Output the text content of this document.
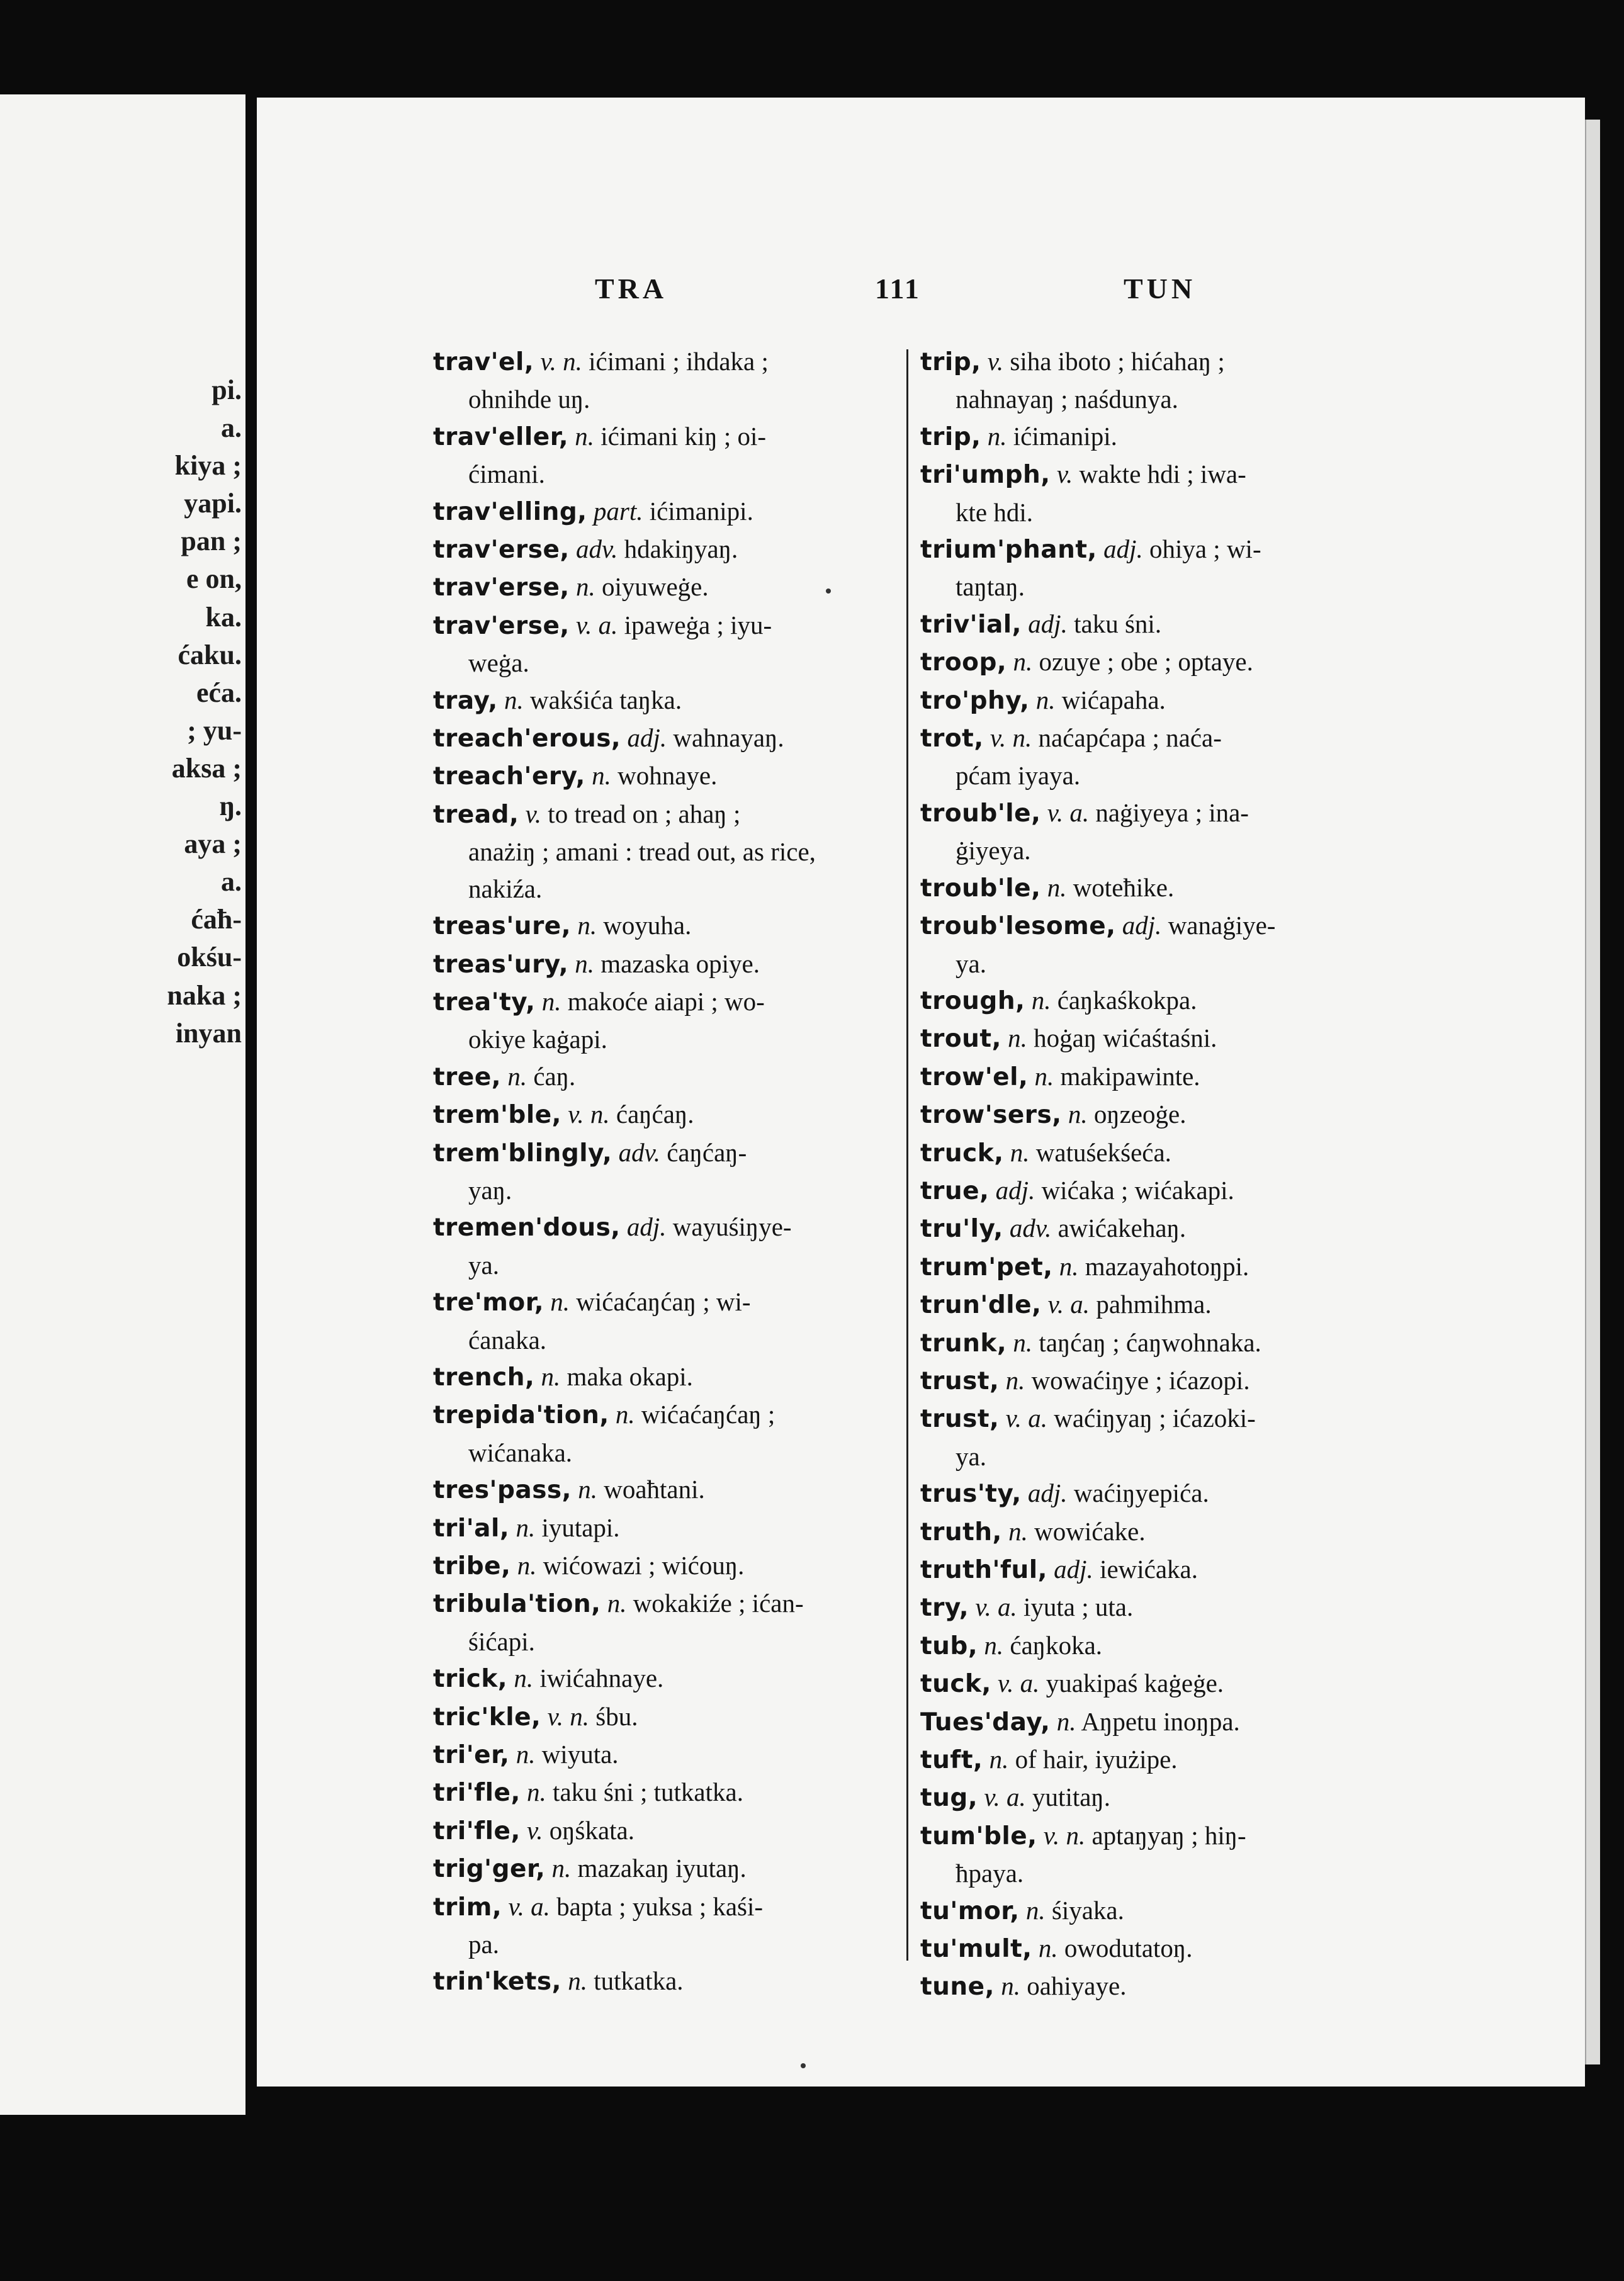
pi.
a.
kiya ;
yapi.
pan ;
e on,
ka.
ćaku.
eća.
; yu-
aksa ;
ŋ.
aya ;
a.
ćaħ-
okśu-
naka ;
inyan
TRA	111	TUN
trav'el, v. n. ićimani ; ihdaka ;
ohnihde uŋ.
trav'eller, n. ićimani kiŋ ; oi-
ćimani.
trav'elling, part. ićimanipi.
trav'erse, adv. hdakiŋyaŋ.
trav'erse, n. oiyuweġe.
trav'erse, v. a. ipaweġa ; iyu-
weġa.
tray, n. wakśića taŋka.
treach'erous, adj. wahnayaŋ.
treach'ery, n. wohnaye.
tread, v. to tread on ; ahaŋ ;
anażiŋ ; amani : tread out, as rice, nakiźa.
treas'ure, n. woyuha.
treas'ury, n. mazaska opiye.
trea'ty, n. makoće aiapi ; wo-
okiye kaġapi.
tree, n. ćaŋ.
trem'ble, v. n. ćaŋćaŋ.
trem'blingly, adv. ćaŋćaŋ-
yaŋ.
tremen'dous, adj. wayuśiŋye-
ya.
tre'mor, n. wićaćaŋćaŋ ; wi-
ćanaka.
trench, n. maka okapi.
trepida'tion, n. wićaćaŋćaŋ ;
wićanaka.
tres'pass, n. woaħtani.
tri'al, n. iyutapi.
tribe, n. wićowazi ; wićouŋ.
tribula'tion, n. wokakiźe ; ićan-
śićapi.
trick, n. iwićahnaye.
tric'kle, v. n. śbu.
tri'er, n. wiyuta.
tri'fle, n. taku śni ; tutkatka.
tri'fle, v. oŋśkata.
trig'ger, n. mazakaŋ iyutaŋ.
trim, v. a. bapta ; yuksa ; kaśi-
pa.
trin'kets, n. tutkatka.
trip, v. siha iboto ; hićahaŋ ;
nahnayaŋ ; naśdunya.
trip, n. ićimanipi.
tri'umph, v. wakte hdi ; iwa-
kte hdi.
trium'phant, adj. ohiya ; wi-
taŋtaŋ.
triv'ial, adj. taku śni.
troop, n. ozuye ; obe ; optaye.
tro'phy, n. wićapaha.
trot, v. n. naćapćapa ; naća-
pćam iyaya.
troub'le, v. a. naġiyeya ; ina-
ġiyeya.
troub'le, n. woteħike.
troub'lesome, adj. wanaġiye-
ya.
trough, n. ćaŋkaśkokpa.
trout, n. hoġaŋ wićaśtaśni.
trow'el, n. makipawinte.
trow'sers, n. oŋzeoġe.
truck, n. watuśekśeća.
true, adj. wićaka ; wićakapi.
tru'ly, adv. awićakehaŋ.
trum'pet, n. mazayahotoŋpi.
trun'dle, v. a. pahmihma.
trunk, n. taŋćaŋ ; ćaŋwohnaka.
trust, n. wowaćiŋye ; ićazopi.
trust, v. a. waćiŋyaŋ ; ićazoki-
ya.
trus'ty, adj. waćiŋyepića.
truth, n. wowićake.
truth'ful, adj. iewićaka.
try, v. a. iyuta ; uta.
tub, n. ćaŋkoka.
tuck, v. a. yuakipaś kaġeġe.
Tues'day, n. Aŋpetu inoŋpa.
tuft, n. of hair, iyużipe.
tug, v. a. yutitaŋ.
tum'ble, v. n. aptaŋyaŋ ; hiŋ-
ħpaya.
tu'mor, n. śiyaka.
tu'mult, n. owodutatoŋ.
tune, n. oahiyaye.
